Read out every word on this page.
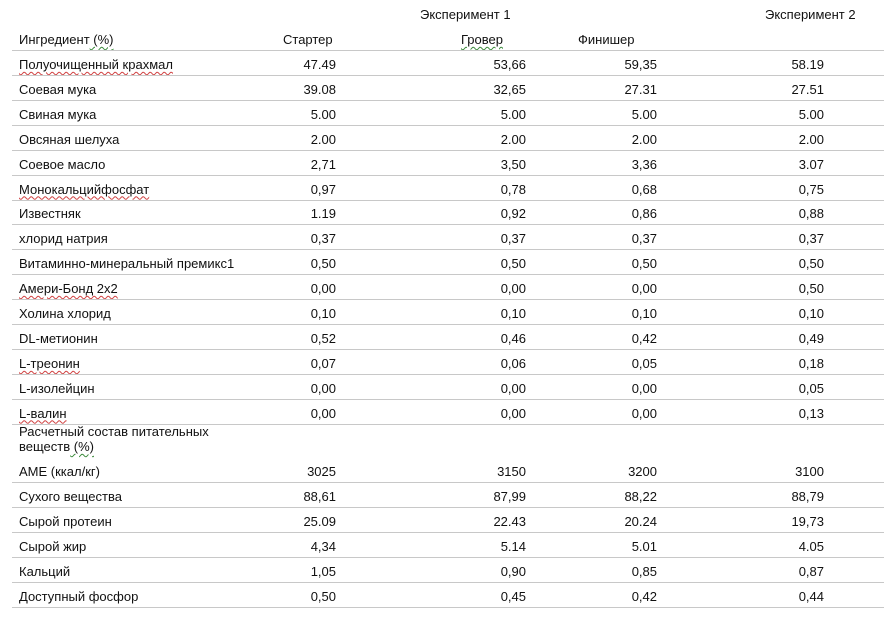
Эксперимент 1	Эксперимент 2
Ингредиент (%)	Стартер	Гровер	Финишер
Полуочищенный крахмал	47.49	53,66	59,35	58.19
Соевая мука	39.08	32,65	27.31	27.51
Свиная мука	5.00	5.00	5.00	5.00
Овсяная шелуха	2.00	2.00	2.00	2.00
Соевое масло	2,71	3,50	3,36	3.07
Монокальцийфосфат	0,97	0,78	0,68	0,75
Известняк	1.19	0,92	0,86	0,88
хлорид натрия	0,37	0,37	0,37	0,37
Витаминно-минеральный премикс1	0,50	0,50	0,50	0,50
Амери-Бонд 2х2	0,00	0,00	0,00	0,50
Холина хлорид	0,10	0,10	0,10	0,10
DL-метионин	0,52	0,46	0,42	0,49
L-треонин	0,07	0,06	0,05	0,18
L-изолейцин	0,00	0,00	0,00	0,05
L-валин	0,00	0,00	0,00	0,13
Расчетный состав питательных
веществ (%)
AME (ккал/кг)	3025	3150	3200	3100
Сухого вещества	88,61	87,99	88,22	88,79
Сырой протеин	25.09	22.43	20.24	19,73
Сырой жир	4,34	5.14	5.01	4.05
Кальций	1,05	0,90	0,85	0,87
Доступный фосфор	0,50	0,45	0,42	0,44
